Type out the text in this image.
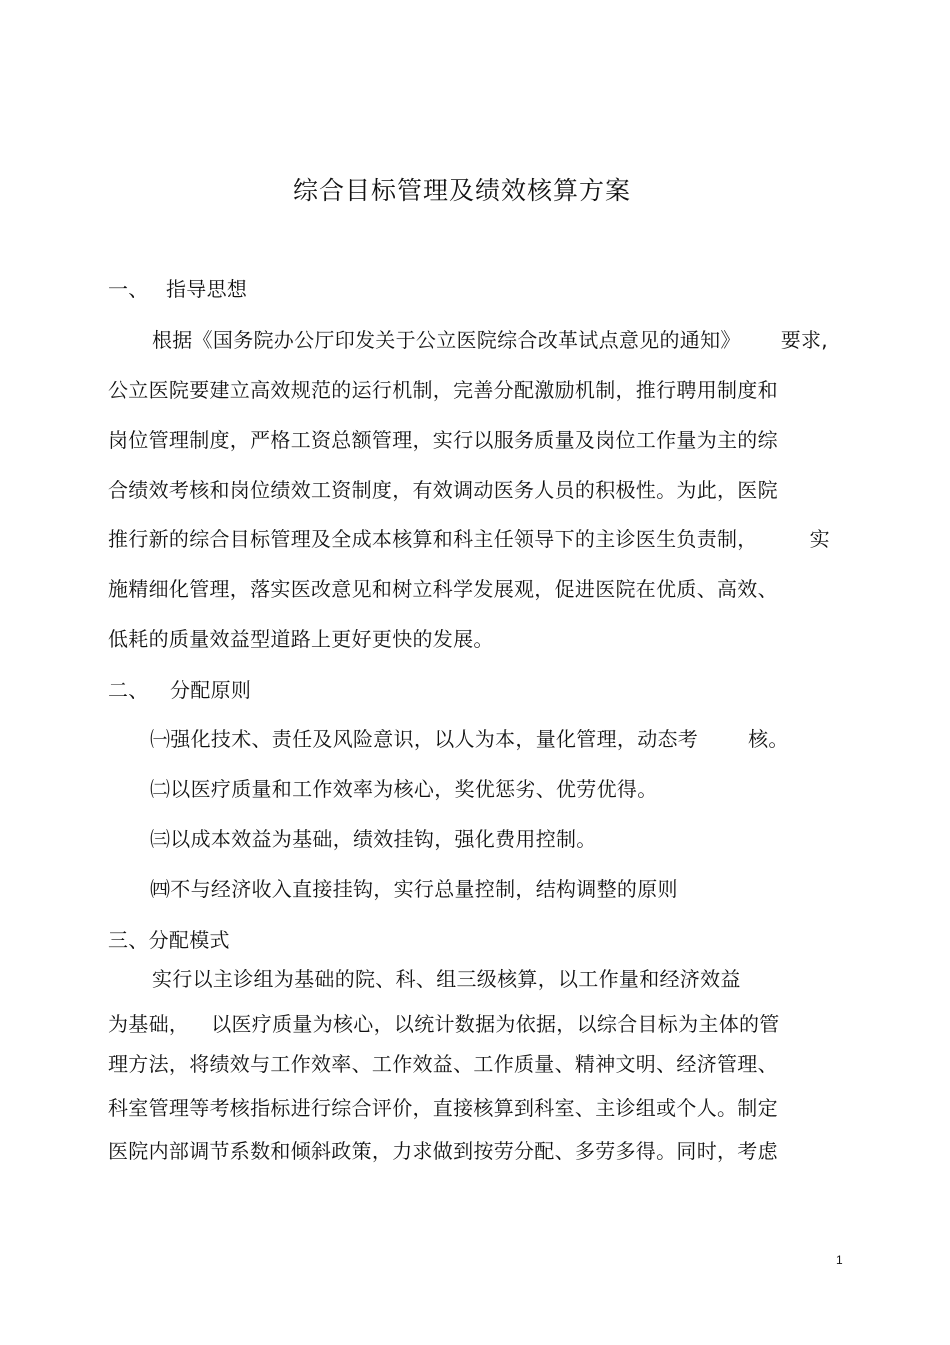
综合目标管理及绩效核算方案
一、 指导思想
根据《国务院办公厅印发关于公立医院综合改革试点意见的通知》 要求,
公立医院要建立高效规范的运行机制，完善分配激励机制，推行聘用制度和
岗位管理制度，严格工资总额管理，实行以服务质量及岗位工作量为主的综
合绩效考核和岗位绩效工资制度，有效调动医务人员的积极性。为此，医院
推行新的综合目标管理及全成本核算和科主任领导下的主诊医生负责制，	实
施精细化管理，落实医改意见和树立科学发展观，促进医院在优质、高效、
低耗的质量效益型道路上更好更快的发展。
二、 分配原则
㈠强化技术、责任及风险意识，以人为本，量化管理，动态考	核。
㈡以医疗质量和工作效率为核心，奖优惩劣、优劳优得。
㈢以成本效益为基础，绩效挂钩，强化费用控制。
㈣不与经济收入直接挂钩，实行总量控制，结构调整的原则
三、分配模式
实行以主诊组为基础的院、科、组三级核算，以工作量和经济效益
为基础， 以医疗质量为核心，以统计数据为依据，以综合目标为主体的管
理方法，将绩效与工作效率、工作效益、工作质量、精神文明、经济管理、
科室管理等考核指标进行综合评价，直接核算到科室、主诊组或个人。制定
医院内部调节系数和倾斜政策，力求做到按劳分配、多劳多得。同时，考虑
1
